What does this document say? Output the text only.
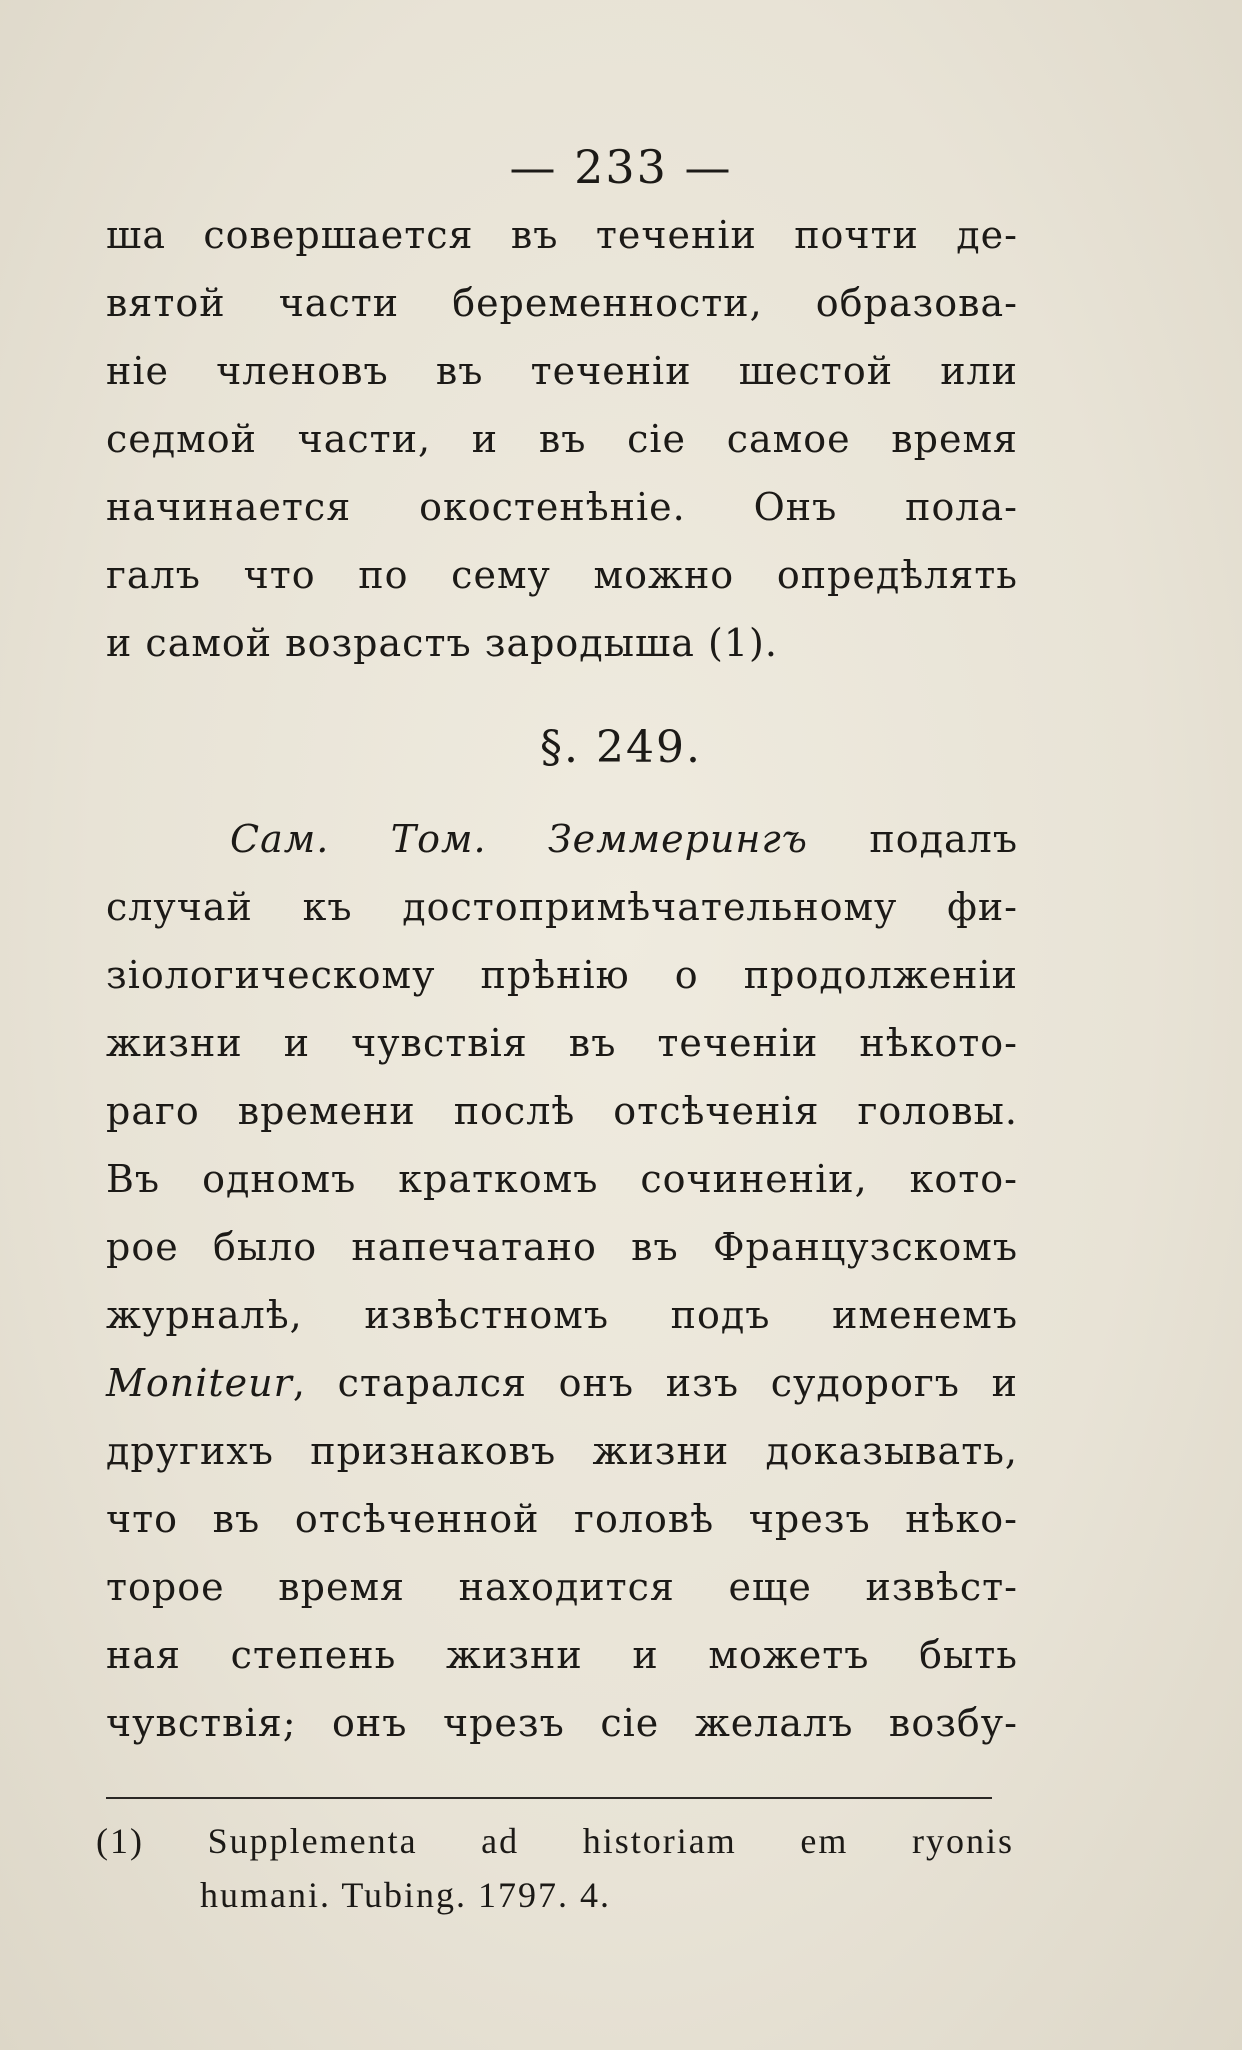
— 233 —
ша совершается въ теченіи почти де-
вятой части беременности, образова-
ніе членовъ въ теченіи шестой или
седмой части, и въ сіе самое время
начинается окостенѣніе. Онъ пола-
галъ что по сему можно опредѣлять
и самой возрастъ зародыша (1).
§. 249.
Сам. Том. Земмерингъ подалъ
случай къ достопримѣчательному фи-
зіологическому прѣнію о продолженіи
жизни и чувствія въ теченіи нѣкото-
раго времени послѣ отсѣченія головы.
Въ одномъ краткомъ сочиненіи, кото-
рое было напечатано въ Французскомъ
журналѣ, извѣстномъ подъ именемъ
Moniteur, старался онъ изъ судорогъ и
другихъ признаковъ жизни доказывать,
что въ отсѣченной головѣ чрезъ нѣко-
торое время находится еще извѣст-
ная степень жизни и можетъ быть
чувствія; онъ чрезъ сіе желалъ возбу-
(1) Supplementa ad historiam em ryonis
humani. Tubing. 1797. 4.
